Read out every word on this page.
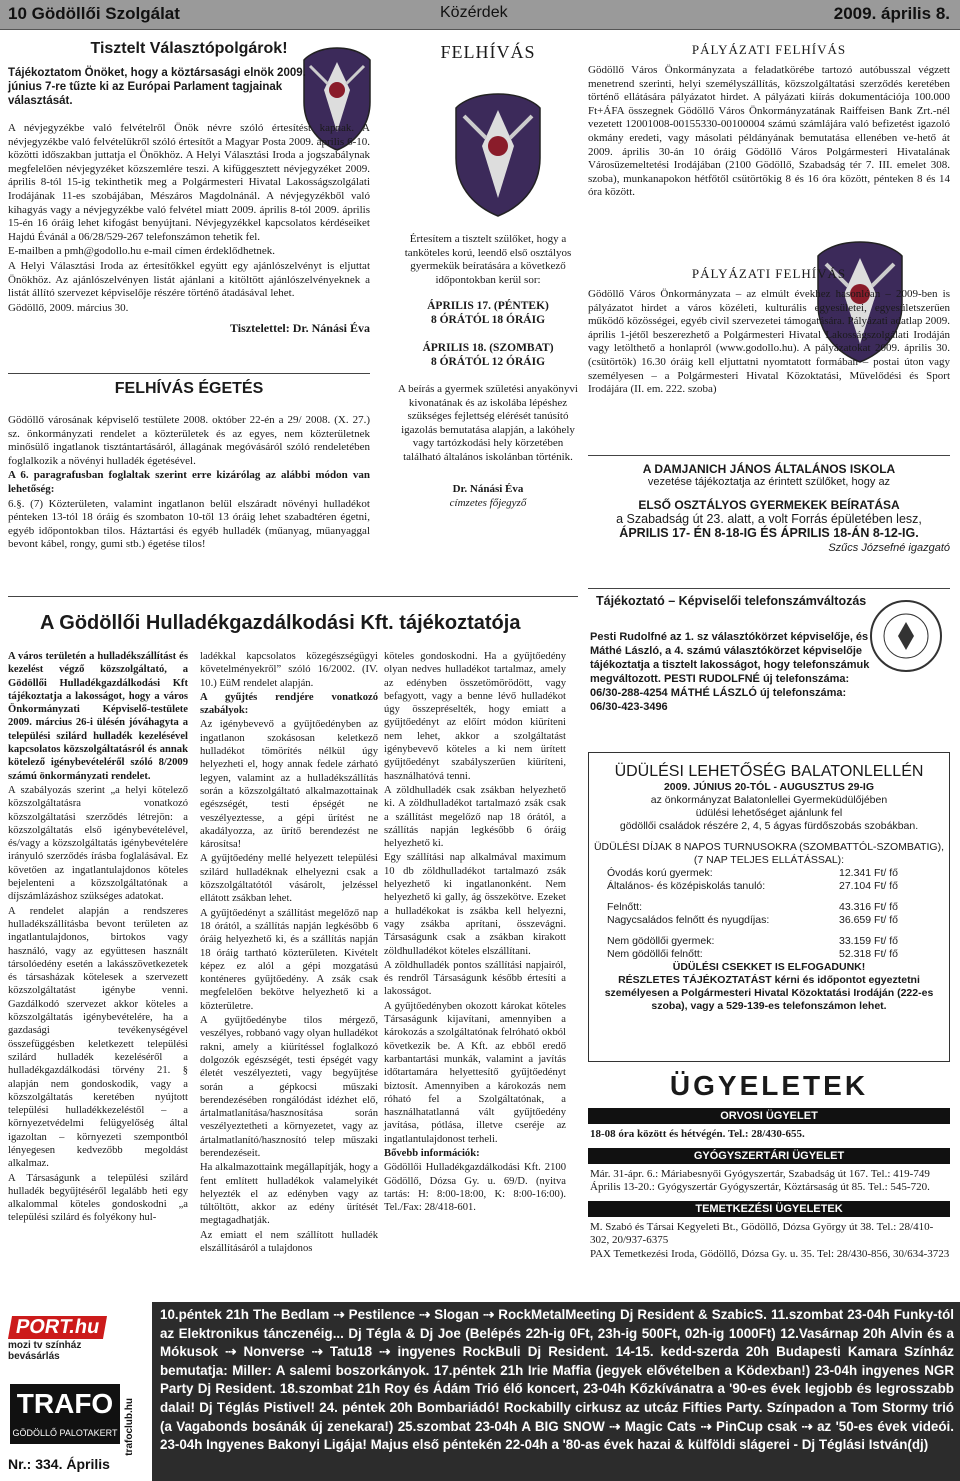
10 Gödöllői Szolgálat	Közérdek	2009. április 8.
Tisztelt Választópolgárok!
Tájékoztatom Önöket, hogy a köztársasági elnök 2009. június 7-re tűzte ki az Európai Parlament tagjainak választását.

A névjegyzékbe való felvételről Önök névre szóló értesítést kapnak. A névjegyzékbe való felvételükről szóló értesítőt a Magyar Posta 2009. április 6-10. közötti időszakban juttatja el Önökhöz. A Helyi Választási Iroda a jogszabálynak megfelelően névjegyzéket közszemlére teszi. A kifüggesztett névjegyzéket 2009. április 8-tól 15-ig tekinthetik meg a Polgármesteri Hivatal Lakosságszolgálati Irodájának 11-es szobájában, Mészáros Magdolnánál. A névjegyzékből való kihagyás vagy a névjegyzékbe való felvétel miatt 2009. április 8-tól 2009. április 15-én 16 óráig lehet kifogást benyújtani. Névjegyzékkel kapcsolatos kérdéseiket Hajdú Évánál a 06/28/529-267 telefonszámon tehetik fel.

E-mailben a pmh@godollo.hu e-mail címen érdeklődhetnek.

A Helyi Választási Iroda az értesítőkkel együtt egy ajánlószelvényt is eljuttat Önökhöz. Az ajánlószelvényen listát ajánlani a kitöltött ajánlószelvényeknek a listát állító szervezet képviselője részére történő átadásával lehet.

Gödöllő, 2009. március 30.

Tisztelettel: Dr. Nánási Éva
FELHÍVÁS ÉGETÉS

Gödöllő városának képviselő testülete 2008. október 22-én a 29/ 2008. (X. 27.) sz. önkormányzati rendelet a közterületek és az egyes, nem közterületnek minősülő ingatlanok tisztántartásáról, állagának megóvásáról szóló rendeletében foglalkozik a növényi hulladék égetésével.

A 6. paragrafusban foglaltak szerint erre kizárólag az alábbi módon van lehetőség:

6.§. (7) Közterületen, valamint ingatlanon belül elszáradt növényi hulladékot pénteken 13-tól 18 óráig és szombaton 10-től 13 óráig lehet szabadtéren égetni, egyéb időpontokban tilos. Háztartási és egyéb hulladék (műanyag, műanyaggal bevont kábel, rongy, gumi stb.) égetése tilos!

FELHÍVÁS
Értesítem a tisztelt szülőket, hogy a tanköteles korú, leendő első osztályos gyermekük beíratására a következő időpontokban kerül sor:
ÁPRILIS 17. (PÉNTEK)
8 ÓRÁTÓL 18 ÓRÁIG
ÁPRILIS 18. (SZOMBAT)
8 ÓRÁTÓL 12 ÓRÁIG
A beírás a gyermek születési anyakönyvi kivonatának és az iskolába lépéshez szükséges fejlettség elérését tanúsító igazolás bemutatása alapján, a lakóhely vagy tartózkodási hely körzetében található általános iskolánban történik.
Dr. Nánási Éva
címzetes főjegyző
PÁLYÁZATI FELHÍVÁS
Gödöllő Város Önkormányzata a feladatkörébe tartozó autóbusszal végzett menetrend szerinti, helyi személyszállítás, közszolgáltatási szerződés keretében történő ellátására pályázatot hirdet. A pályázati kiírás dokumentációja 100.000 Ft+ÁFA összegnek Gödöllő Város Önkormányzatának Raiffeisen Bank Zrt.-nél vezetett 12001008-00155330-00100004 számú számlájára való befizetést igazoló okmány eredeti, vagy másolati példányának bemutatása ellenében ve-hető át 2009. április 30-án 10 óráig Gödöllő Város Polgármesteri Hivatalának Városüzemeltetési Irodájában (2100 Gödöllő, Szabadság tér 7. III. emelet 308. szoba), munkanapokon hétfőtől csütörtökig 8 és 16 óra között, pénteken 8 és 14 óra között.
PÁLYÁZATI FELHÍVÁS
Gödöllő Város Önkormányzata – az elmúlt évekhez hasonlóan – 2009-ben is pályázatot hirdet a város közéleti, kulturális egyesületei, egyesületszerűen működő közösségei, egyéb civil szervezetei támogatására. Pályázati adatlap 2009. április 1-jétől beszerezhető a Polgármesteri Hivatal Lakosságszolgálati Irodáján vagy letölthető a honlapról (www.godollo.hu). A pályázatokat 2009. április 30. (csütörtök) 16.30 óráig kell eljuttatni nyomtatott formában – postai úton vagy személyesen – a Polgármesteri Hivatal Közoktatási, Művelődési és Sport Irodájára (II. em. 222. szoba)
A DAMJANICH JÁNOS ÁLTALÁNOS ISKOLA
vezetése tájékoztatja az érintett szülőket, hogy az
ELSŐ OSZTÁLYOS GYERMEKEK BEÍRATÁSA
a Szabadság út 23. alatt, a volt Forrás épületében lesz,
ÁPRILIS 17- ÉN 8-18-IG ÉS ÁPRILIS 18-ÁN 8-12-IG.
Szűcs Józsefné igazgató
Tájékoztató – Képviselői telefonszámváltozás
Pesti Rudolfné az 1. sz választókörzet képviselője, és Máthé László, a 4. számú választókörzet képviselője tájékoztatja a tisztelt lakosságot, hogy telefonszámuk megváltozott. PESTI RUDOLFNÉ új telefonszáma: 06/30-288-4254 MÁTHÉ LÁSZLÓ új telefonszáma: 06/30-423-3496
A Gödöllői Hulladékgazdálkodási Kft. tájékoztatója

A város területén a hulladékszállítást és kezelést végző közszolgáltató, a Gödöllői Hulladékgazdálkodási Kft tájékoztatja a lakosságot, hogy a város Önkormányzati Képviselő-testülete 2009. március 26-i ülésén jóváhagyta a települési szilárd hulladék kezelésével kapcsolatos közszolgáltatásról és annak kötelező igénybevételéről szóló 8/2009 számú önkormányzati rendelet.

A szabályozás szerint „a helyi kötelező közszolgáltatásra vonatkozó közszolgáltatási szerződés létrejön: a közszolgáltatás első igénybevételével, és/vagy a közszolgáltatás igénybevételére irányuló szerződés írásba foglalásával. Ez követően az ingatlantulajdonos köteles bejelenteni a közszolgáltatónak a díjszámlázáshoz szükséges adatokat.

A rendelet alapján a rendszeres hulladékszállításba bevont területen az ingatlantulajdonos, birtokos vagy használó, vagy az együttesen használt társolóedény esetén a lakásszövetkezetek és társasházak kötelesek a szervezett közszolgáltatást igénybe venni. Gazdálkodó szervezet akkor köteles a közszolgáltatás igénybevételére, ha a gazdasági tevékenységével összefüggésben keletkezett települési szilárd hulladék kezeléséről a hulladékgazdálkodási törvény 21. § alapján nem gondoskodik, vagy a közszolgáltatás keretében nyújtott települési hulladékkezeléstől – a környezetvédelmi felügyelőség által igazoltan – környezeti szempontból lényegesen kedvezőbb megoldást alkalmaz.

A Társaságunk a települési szilárd hulladék begyűjtéséről legalább heti egy alkalommal köteles gondoskodni „a települési szilárd és folyékony hul-

ladékkal kapcsolatos közegészségügyi követelményekről” szóló 16/2002. (IV. 10.) EüM rendelet alapján.

A gyűjtés rendjére vonatkozó szabályok:

Az igénybevevő a gyűjtőedényben az ingatlanon szokásosan keletkező hulladékot tömörítés nélkül úgy helyezheti el, hogy annak fedele zárható legyen, valamint az a hulladékszállítás során a közszolgáltató alkalmazottainak egészségét, testi épségét ne veszélyeztesse, a gépi ürítést ne akadályozza, az ürítő berendezést ne károsítsa!

A gyűjtőedény mellé helyezett települési szilárd hulladéknak elhelyezni csak a közszolgáltatótól vásárolt, jelzéssel ellátott zsákban lehet.

A gyűjtőedényt a szállítást megelőző nap 18 órától, a szállítás napján legkésőbb 6 óráig helyezhető ki, és a szállítás napján 18 óráig tartható közterületen. Kivételt képez ez alól a gépi mozgatású konténeres gyűjtőedény. A zsák csak megfelelően bekötve helyezhető ki a közterületre.

A gyűjtőedénybe tilos mérgező, veszélyes, robbanó vagy olyan hulladékot rakni, amely a kiürítéssel foglalkozó dolgozók egészségét, testi épségét vagy életét veszélyezteti, vagy begyűjtése során a gépkocsi műszaki berendezésében rongálódást idézhet elő, ártalmatlanítása/hasznosítása során veszélyeztetheti a környezetet, vagy az ártalmatlanító/hasznosító telep műszaki berendezéseit.

Ha alkalmazottaink megállapítják, hogy a fent említett hulladékok valamelyikét helyezték el az edényben vagy az túltöltött, akkor az edény ürítését megtagadhatják.

Az emiatt el nem szállított hulladék elszállításáról a tulajdonos

köteles gondoskodni. Ha a gyűjtőedény olyan nedves hulladékot tartalmaz, amely az edényben összetömörödött, vagy befagyott, vagy a benne lévő hulladékot úgy összepréselték, hogy emiatt a gyűjtőedényt az előírt módon kiüríteni nem lehet, akkor a szolgáltatást igénybevevő köteles a ki nem ürített gyűjtőedényt szabályszerűen kiüríteni, használhatóvá tenni.

A zöldhulladék csak zsákban helyezhető ki. A zöldhulladékot tartalmazó zsák csak a szállítást megelőző nap 18 órától, a szállítás napján legkésőbb 6 óráig helyezhető ki.

Egy szállítási nap alkalmával maximum 10 db zöldhulladékot tartalmazó zsák helyezhető ki ingatlanonként. Nem helyezhető ki gally, ág összekötve. Ezeket a hulladékokat is zsákba kell helyezni, vagy zsákba aprítani, összevágni. Társaságunk csak a zsákban kirakott zöldhulladékot köteles elszállítani.

A zöldhulladék pontos szállítási napjairól, és rendről Társaságunk később értesíti a lakosságot.

A gyűjtőedényben okozott károkat köteles Társaságunk kijavítani, amennyiben a károkozás a szolgáltatónak felróható okból következik be. A Kft. az ebből eredő karbantartási munkák, valamint a javítás időtartamára helyettesítő gyűjtőedényt biztosít. Amennyiben a károkozás nem róható fel a Szolgáltatónak, a használhatatlanná vált gyűjtőedény javítása, pótlása, illetve cseréje az ingatlantulajdonost terheli.

Bővebb információk:

Gödöllői Hulladékgazdálkodási Kft. 2100 Gödöllő, Dózsa Gy. u. 69/D. (nyitva tartás: H: 8:00-18:00, K: 8:00-16:00). Tel./Fax: 28/418-601.

ÜDÜLÉSI LEHETŐSÉG BALATONLELLÉN
2009. JÚNIUS 20-TÓL - AUGUSZTUS 29-IG
az önkormányzat Balatonlellei Gyermeküdülőjében
üdülési lehetőséget ajánlunk fel
gödöllői családok részére 2, 4, 5 ágyas fürdőszobás szobákban.
ÜDÜLÉSI DÍJAK 8 NAPOS TURNUSOKRA (SZOMBATTÓL-SZOMBATIG),
(7 NAP TELJES ELLÁTÁSSAL):
Óvodás korú gyermek:	12.341 Ft/ fő
Általános- és középiskolás tanuló:	27.104 Ft/ fő
Felnőtt:	43.316 Ft/ fő
Nagycsaládos felnőtt és nyugdíjas:	36.659 Ft/ fő
Nem gödöllői gyermek:	33.159 Ft/ fő
Nem gödöllői felnőtt:	52.318 Ft/ fő
ÜDÜLÉSI CSEKKET IS ELFOGADUNK!
RÉSZLETES TÁJÉKOZTATÁST kérni és időpontot egyeztetni személyesen a Polgármesteri Hivatal Közoktatási Irodáján (222-es szoba), vagy a 529-139-es telefonszámon lehet.
ÜGYELETEK
ORVOSI ÜGYELET
18-08 óra között és hétvégén. Tel.: 28/430-655.
GYÓGYSZERTÁRI ÜGYELET
Már. 31-ápr. 6.: Máriabesnyői Gyógyszertár, Szabadság út 167. Tel.: 419-749
Április 13-20.: Gyógyszertár Gyógyszertár, Köztársaság út 85. Tel.: 545-720.
TEMETKEZÉSI ÜGYELETEK
M. Szabó és Társai Kegyeleti Bt., Gödöllő, Dózsa György út 38. Tel.: 28/410-302, 20/937-6375
PAX Temetkezési Iroda, Gödöllő, Dózsa Gy. u. 35. Tel: 28/430-856, 30/634-3723
PORT.hu
mozi tv színház
bevásárlás
TRAFO
GÖDÖLLŐ PALOTAKERT trafoclub.hu
Nr.: 334. Április
10.péntek 21h The Bedlam ⇢ Pestilence ⇢ Slogan ⇢ RockMetalMeeting Dj Resident & SzabicS. 11.szombat 23-04h Funky-tól az Elektronikus tánczenéig... Dj Tégla & Dj Joe (Belépés 22h-ig 0Ft, 23h-ig 500Ft, 02h-ig 1000Ft) 12.Vasárnap 20h Alvin és a Mókusok ⇢ Nonverse ⇢ Tatu18 ⇢ ingyenes RockBuli Dj Resident. 14-15. kedd-szerda 20h Budapesti Kamara Színház bemutatja: Miller: A salemi boszorkányok. 17.péntek 21h Irie Maffia (jegyek elővételben a Ködexban!) 23-04h ingyenes NGR Party Dj Resident. 18.szombat 21h Roy és Ádám Trió élő koncert, 23-04h Kőzkívánatra a '90-es évek legjobb és legrosszabb dalai! Dj Téglás Pistivel! 24. péntek 20h Bombariádó! Rockabilly cirkusz az utcáz Fifties Party. Színpadon a Tom Stormy trió (a Vagabonds bosánák új zenekara!) 25.szombat 23-04h A BIG SNOW ⇢ Magic Cats ⇢ PinCup csak ⇢ az '50-es évek videói. 23-04h Ingyenes Bakonyi Ligája! Majus első péntekén 22-04h a '80-as évek hazai & külföldi slágerei - Dj Téglási István(dj)
